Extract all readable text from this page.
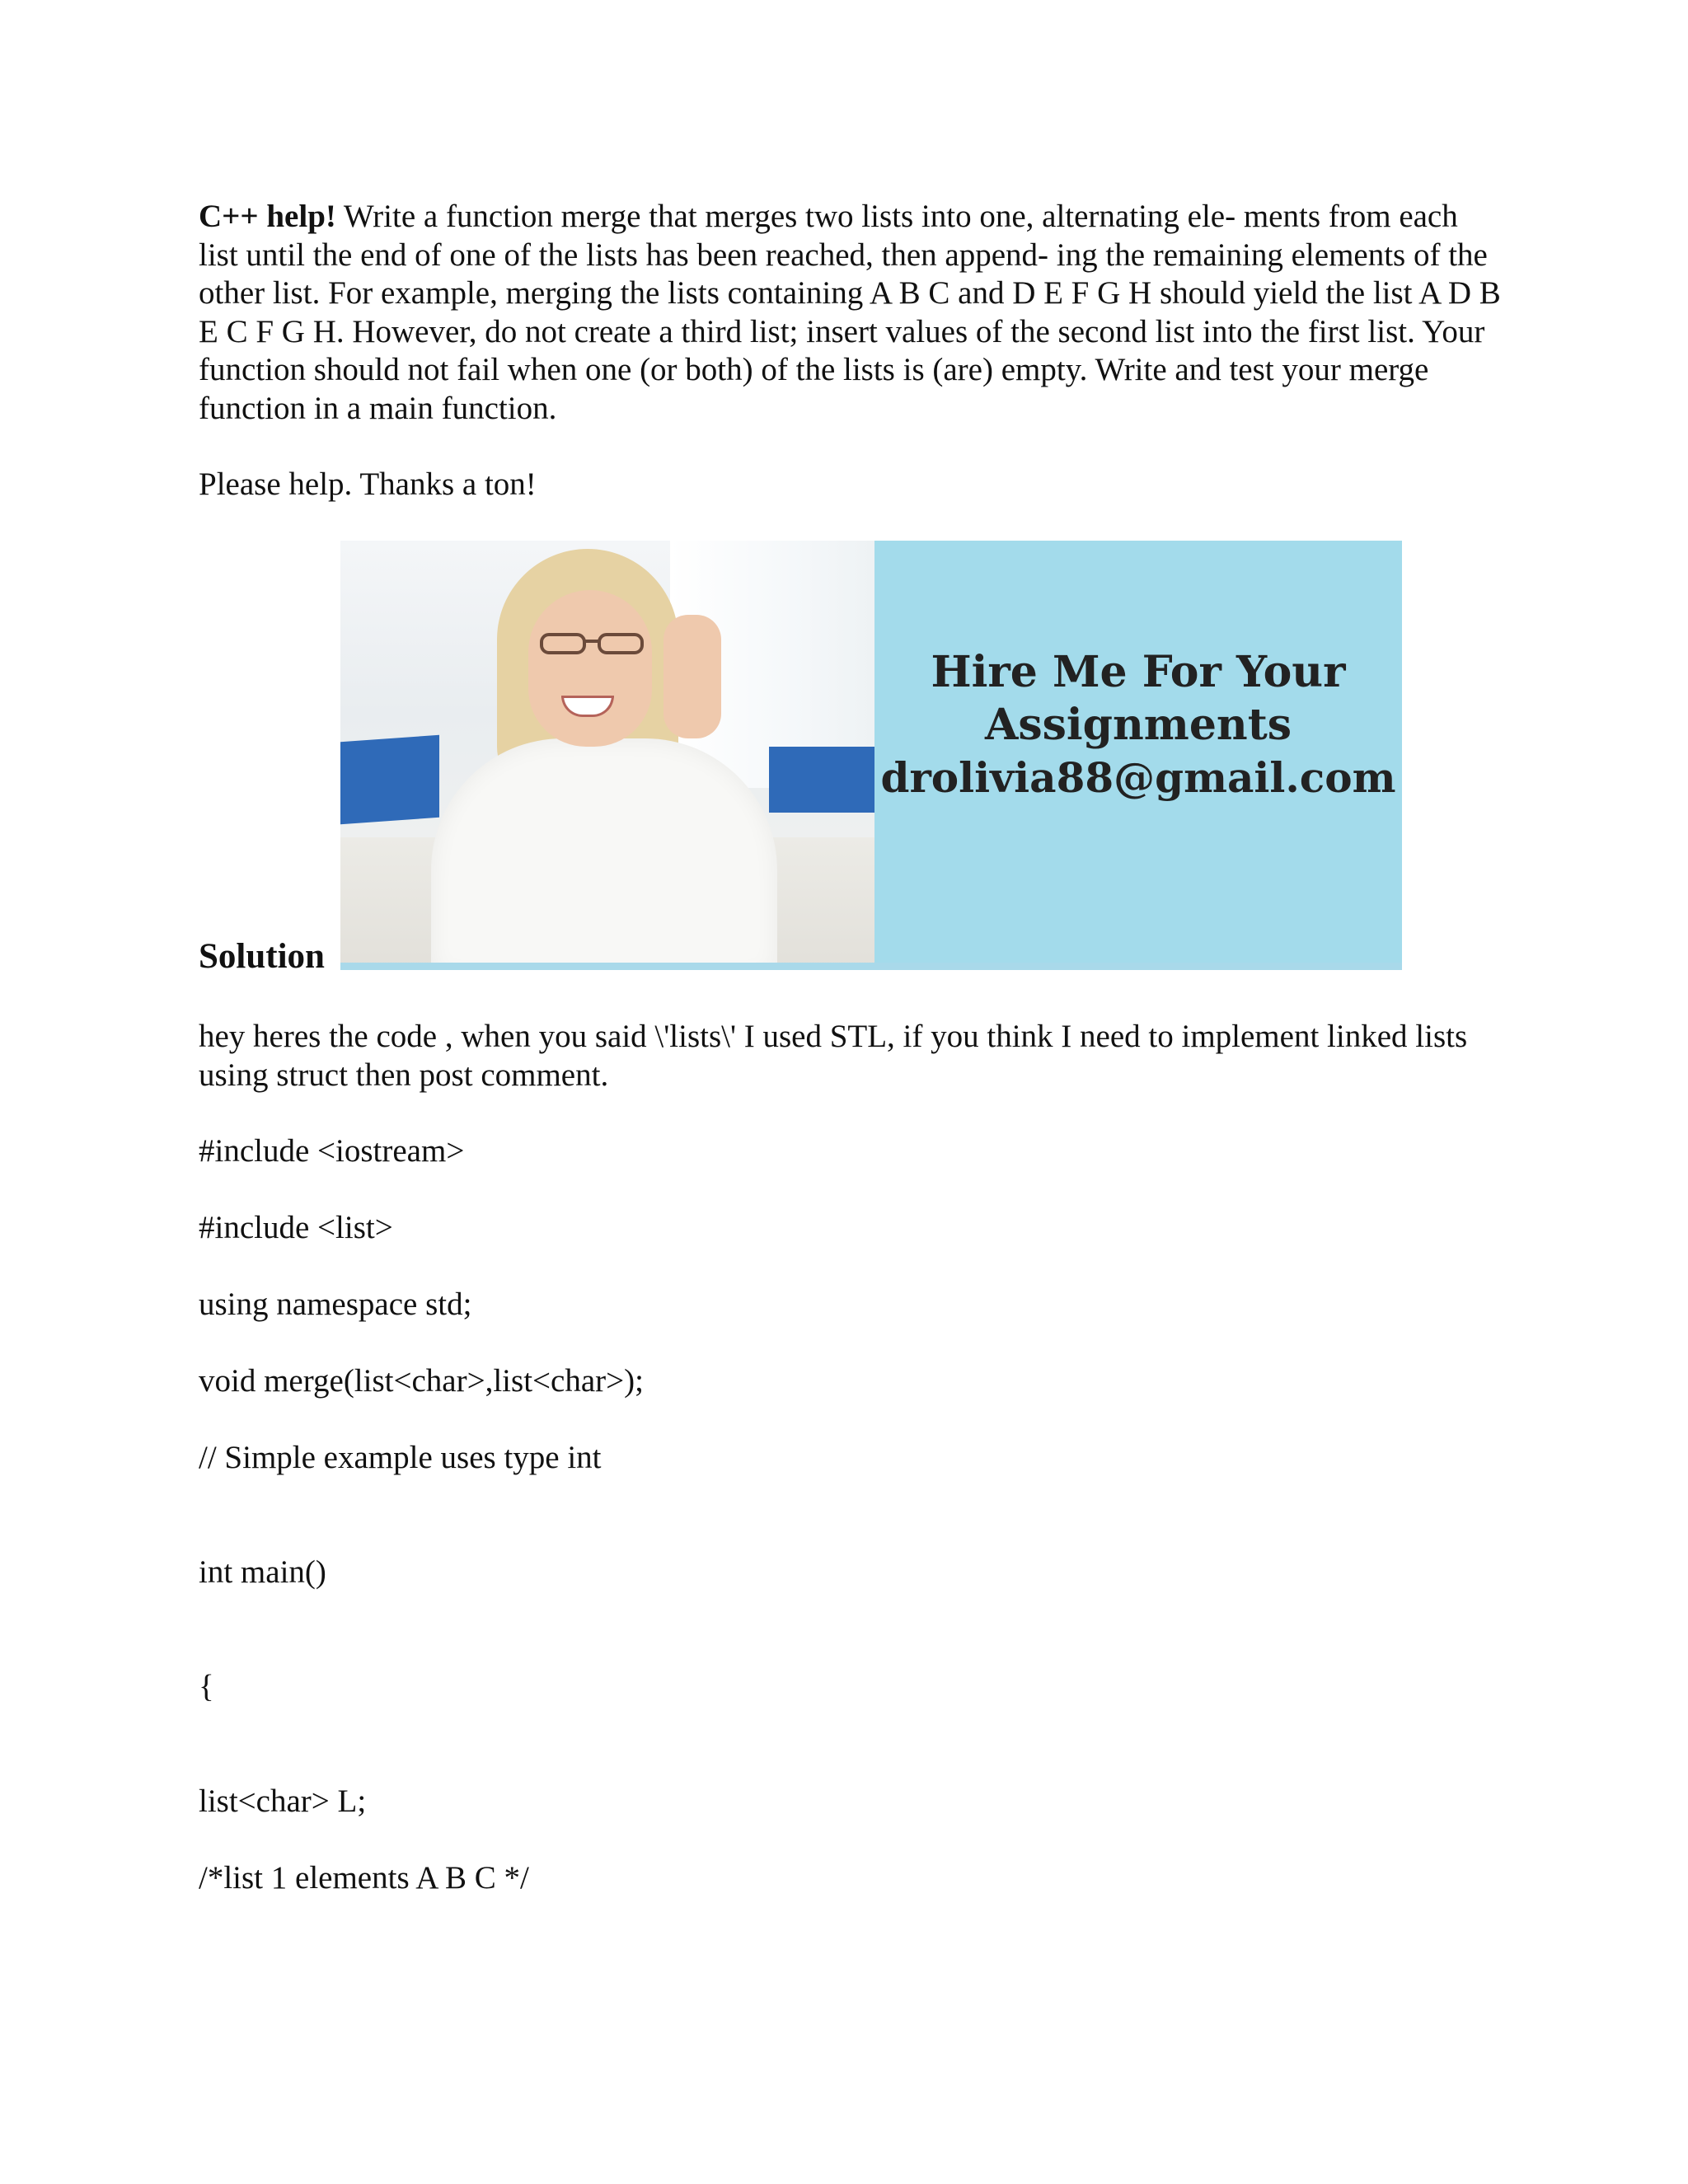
C++ help! Write a function merge that merges two lists into one, alternating ele- ments from each list until the end of one of the lists has been reached, then append- ing the remaining elements of the other list. For example, merging the lists containing A B C and D E F G H should yield the list A D B E C F G H. However, do not create a third list; insert values of the second list into the first list. Your function should not fail when one (or both) of the lists is (are) empty. Write and test your merge function in a main function.

Please help. Thanks a ton!

Hire Me For Your
Assignments
drolivia88@gmail.com
Solution

hey heres the code , when you said \'lists\' I used STL, if you think I need to implement linked lists using struct then post comment.

#include <iostream>

#include <list>

using namespace std;

void merge(list<char>,list<char>);

// Simple example uses type int

int main()

{

list<char> L;

/*list 1 elements A B C */
